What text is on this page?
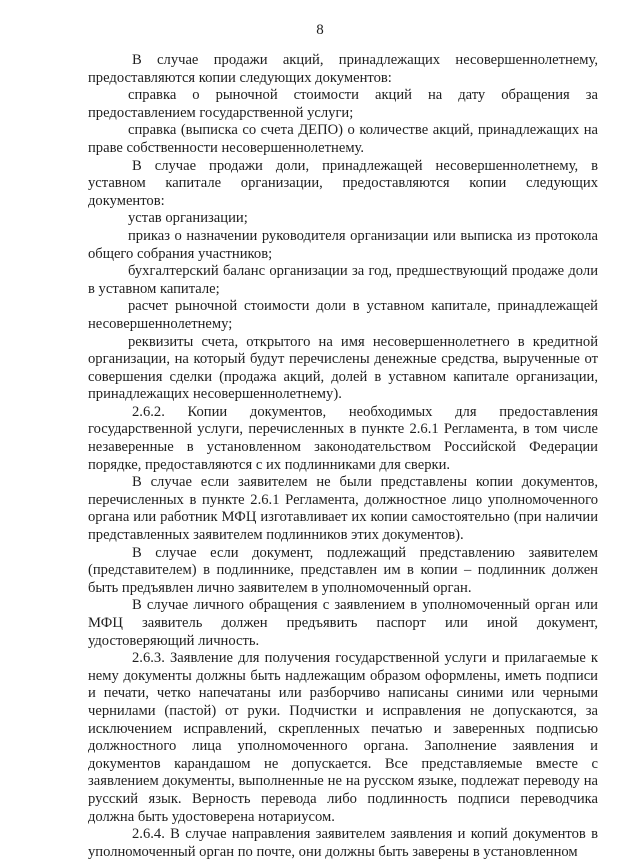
8

В случае продажи акций, принадлежащих несовершеннолетнему, предоставляются копии следующих документов:

справка о рыночной стоимости акций на дату обращения за предоставлением государственной услуги;

справка (выписка со счета ДЕПО) о количестве акций, принадлежащих на праве собственности несовершеннолетнему.

В случае продажи доли, принадлежащей несовершеннолетнему, в уставном капитале организации, предоставляются копии следующих документов:

устав организации;

приказ о назначении руководителя организации или выписка из протокола общего собрания участников;

бухгалтерский баланс организации за год, предшествующий продаже доли в уставном капитале;

расчет рыночной стоимости доли в уставном капитале, принадлежащей несовершеннолетнему;

реквизиты счета, открытого на имя несовершеннолетнего в кредитной организации, на который будут перечислены денежные средства, вырученные от совершения сделки (продажа акций, долей в уставном капитале организации, принадлежащих несовершеннолетнему).

2.6.2. Копии документов, необходимых для предоставления государственной услуги, перечисленных в пункте 2.6.1 Регламента, в том числе незаверенные в установленном законодательством Российской Федерации порядке, предоставляются с их подлинниками для сверки.

В случае если заявителем не были представлены копии документов, перечисленных в пункте 2.6.1 Регламента, должностное лицо уполномоченного органа или работник МФЦ изготавливает их копии самостоятельно (при наличии представленных заявителем подлинников этих документов).

В случае если документ, подлежащий представлению заявителем (представителем) в подлиннике, представлен им в копии – подлинник должен быть предъявлен лично заявителем в уполномоченный орган.

В случае личного обращения с заявлением в уполномоченный орган или МФЦ заявитель должен предъявить паспорт или иной документ, удостоверяющий личность.

2.6.3. Заявление для получения государственной услуги и прилагаемые к нему документы должны быть надлежащим образом оформлены, иметь подписи и печати, четко напечатаны или разборчиво написаны синими или черными чернилами (пастой) от руки. Подчистки и исправления не допускаются, за исключением исправлений, скрепленных печатью и заверенных подписью должностного лица уполномоченного органа. Заполнение заявления и документов карандашом не допускается. Все представляемые вместе с заявлением документы, выполненные не на русском языке, подлежат переводу на русский язык. Верность перевода либо подлинность подписи переводчика должна быть удостоверена нотариусом.

2.6.4. В случае направления заявителем заявления и копий документов в уполномоченный орган по почте, они должны быть заверены в установленном
